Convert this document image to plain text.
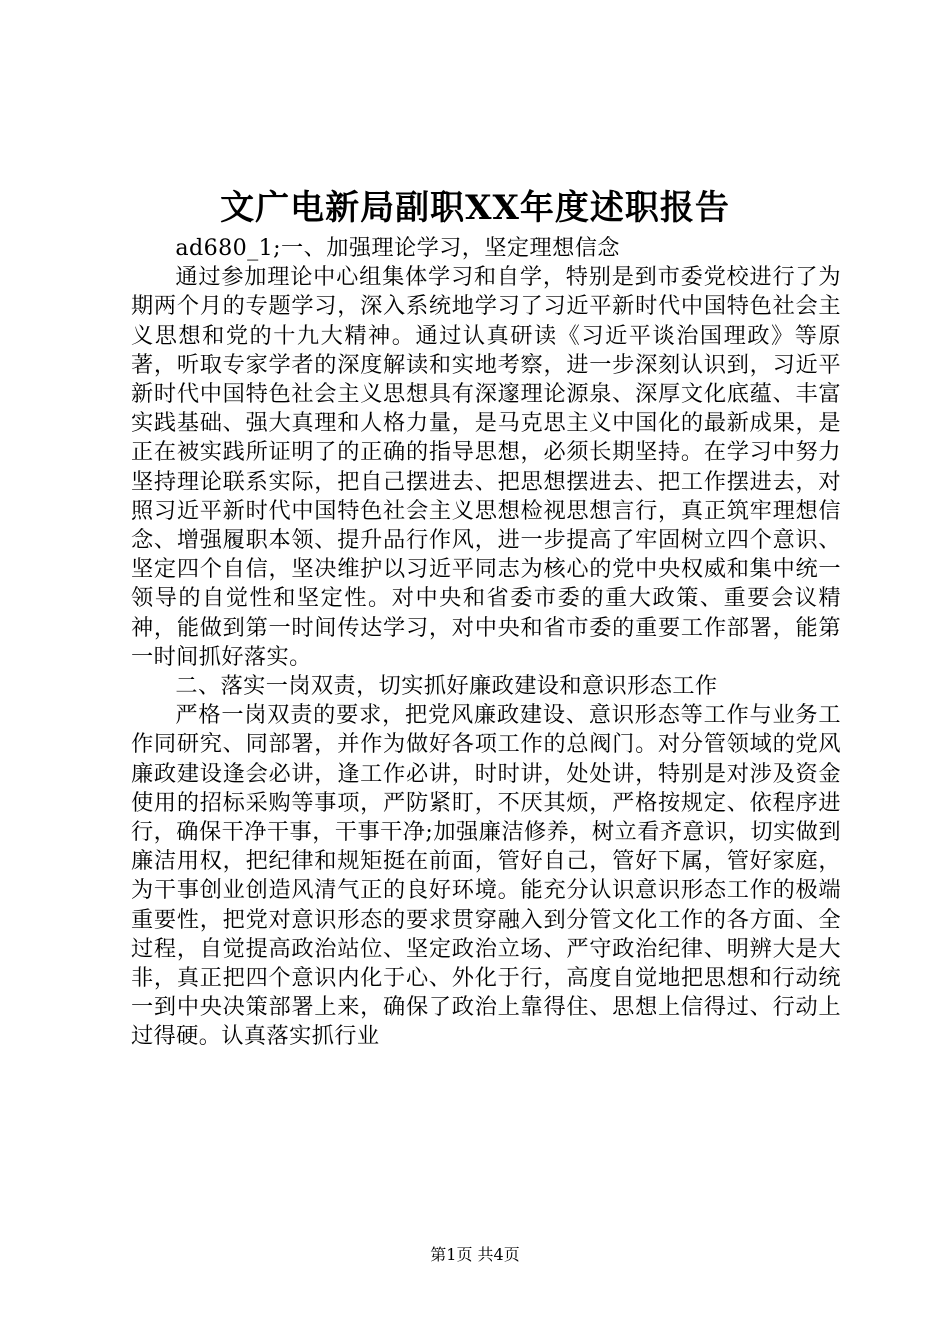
文广电新局副职XX年度述职报告

ad680_1;一、加强理论学习，坚定理想信念

通过参加理论中心组集体学习和自学，特别是到市委党校进行了为期两个月的专题学习，深入系统地学习了习近平新时代中国特色社会主义思想和党的十九大精神。通过认真研读《习近平谈治国理政》等原著，听取专家学者的深度解读和实地考察，进一步深刻认识到，习近平新时代中国特色社会主义思想具有深邃理论源泉、深厚文化底蕴、丰富实践基础、强大真理和人格力量，是马克思主义中国化的最新成果，是正在被实践所证明了的正确的指导思想，必须长期坚持。在学习中努力坚持理论联系实际，把自己摆进去、把思想摆进去、把工作摆进去，对照习近平新时代中国特色社会主义思想检视思想言行，真正筑牢理想信念、增强履职本领、提升品行作风，进一步提高了牢固树立四个意识、坚定四个自信，坚决维护以习近平同志为核心的党中央权威和集中统一领导的自觉性和坚定性。对中央和省委市委的重大政策、重要会议精神，能做到第一时间传达学习，对中央和省市委的重要工作部署，能第一时间抓好落实。

二、落实一岗双责，切实抓好廉政建设和意识形态工作

严格一岗双责的要求，把党风廉政建设、意识形态等工作与业务工作同研究、同部署，并作为做好各项工作的总阀门。对分管领域的党风廉政建设逢会必讲，逢工作必讲，时时讲，处处讲，特别是对涉及资金使用的招标采购等事项，严防紧盯，不厌其烦，严格按规定、依程序进行，确保干净干事，干事干净;加强廉洁修养，树立看齐意识，切实做到廉洁用权，把纪律和规矩挺在前面，管好自己，管好下属，管好家庭，为干事创业创造风清气正的良好环境。能充分认识意识形态工作的极端重要性，把党对意识形态的要求贯穿融入到分管文化工作的各方面、全过程，自觉提高政治站位、坚定政治立场、严守政治纪律、明辨大是大非，真正把四个意识内化于心、外化于行，高度自觉地把思想和行动统一到中央决策部署上来，确保了政治上靠得住、思想上信得过、行动上过得硬。认真落实抓行业

第1页 共4页
